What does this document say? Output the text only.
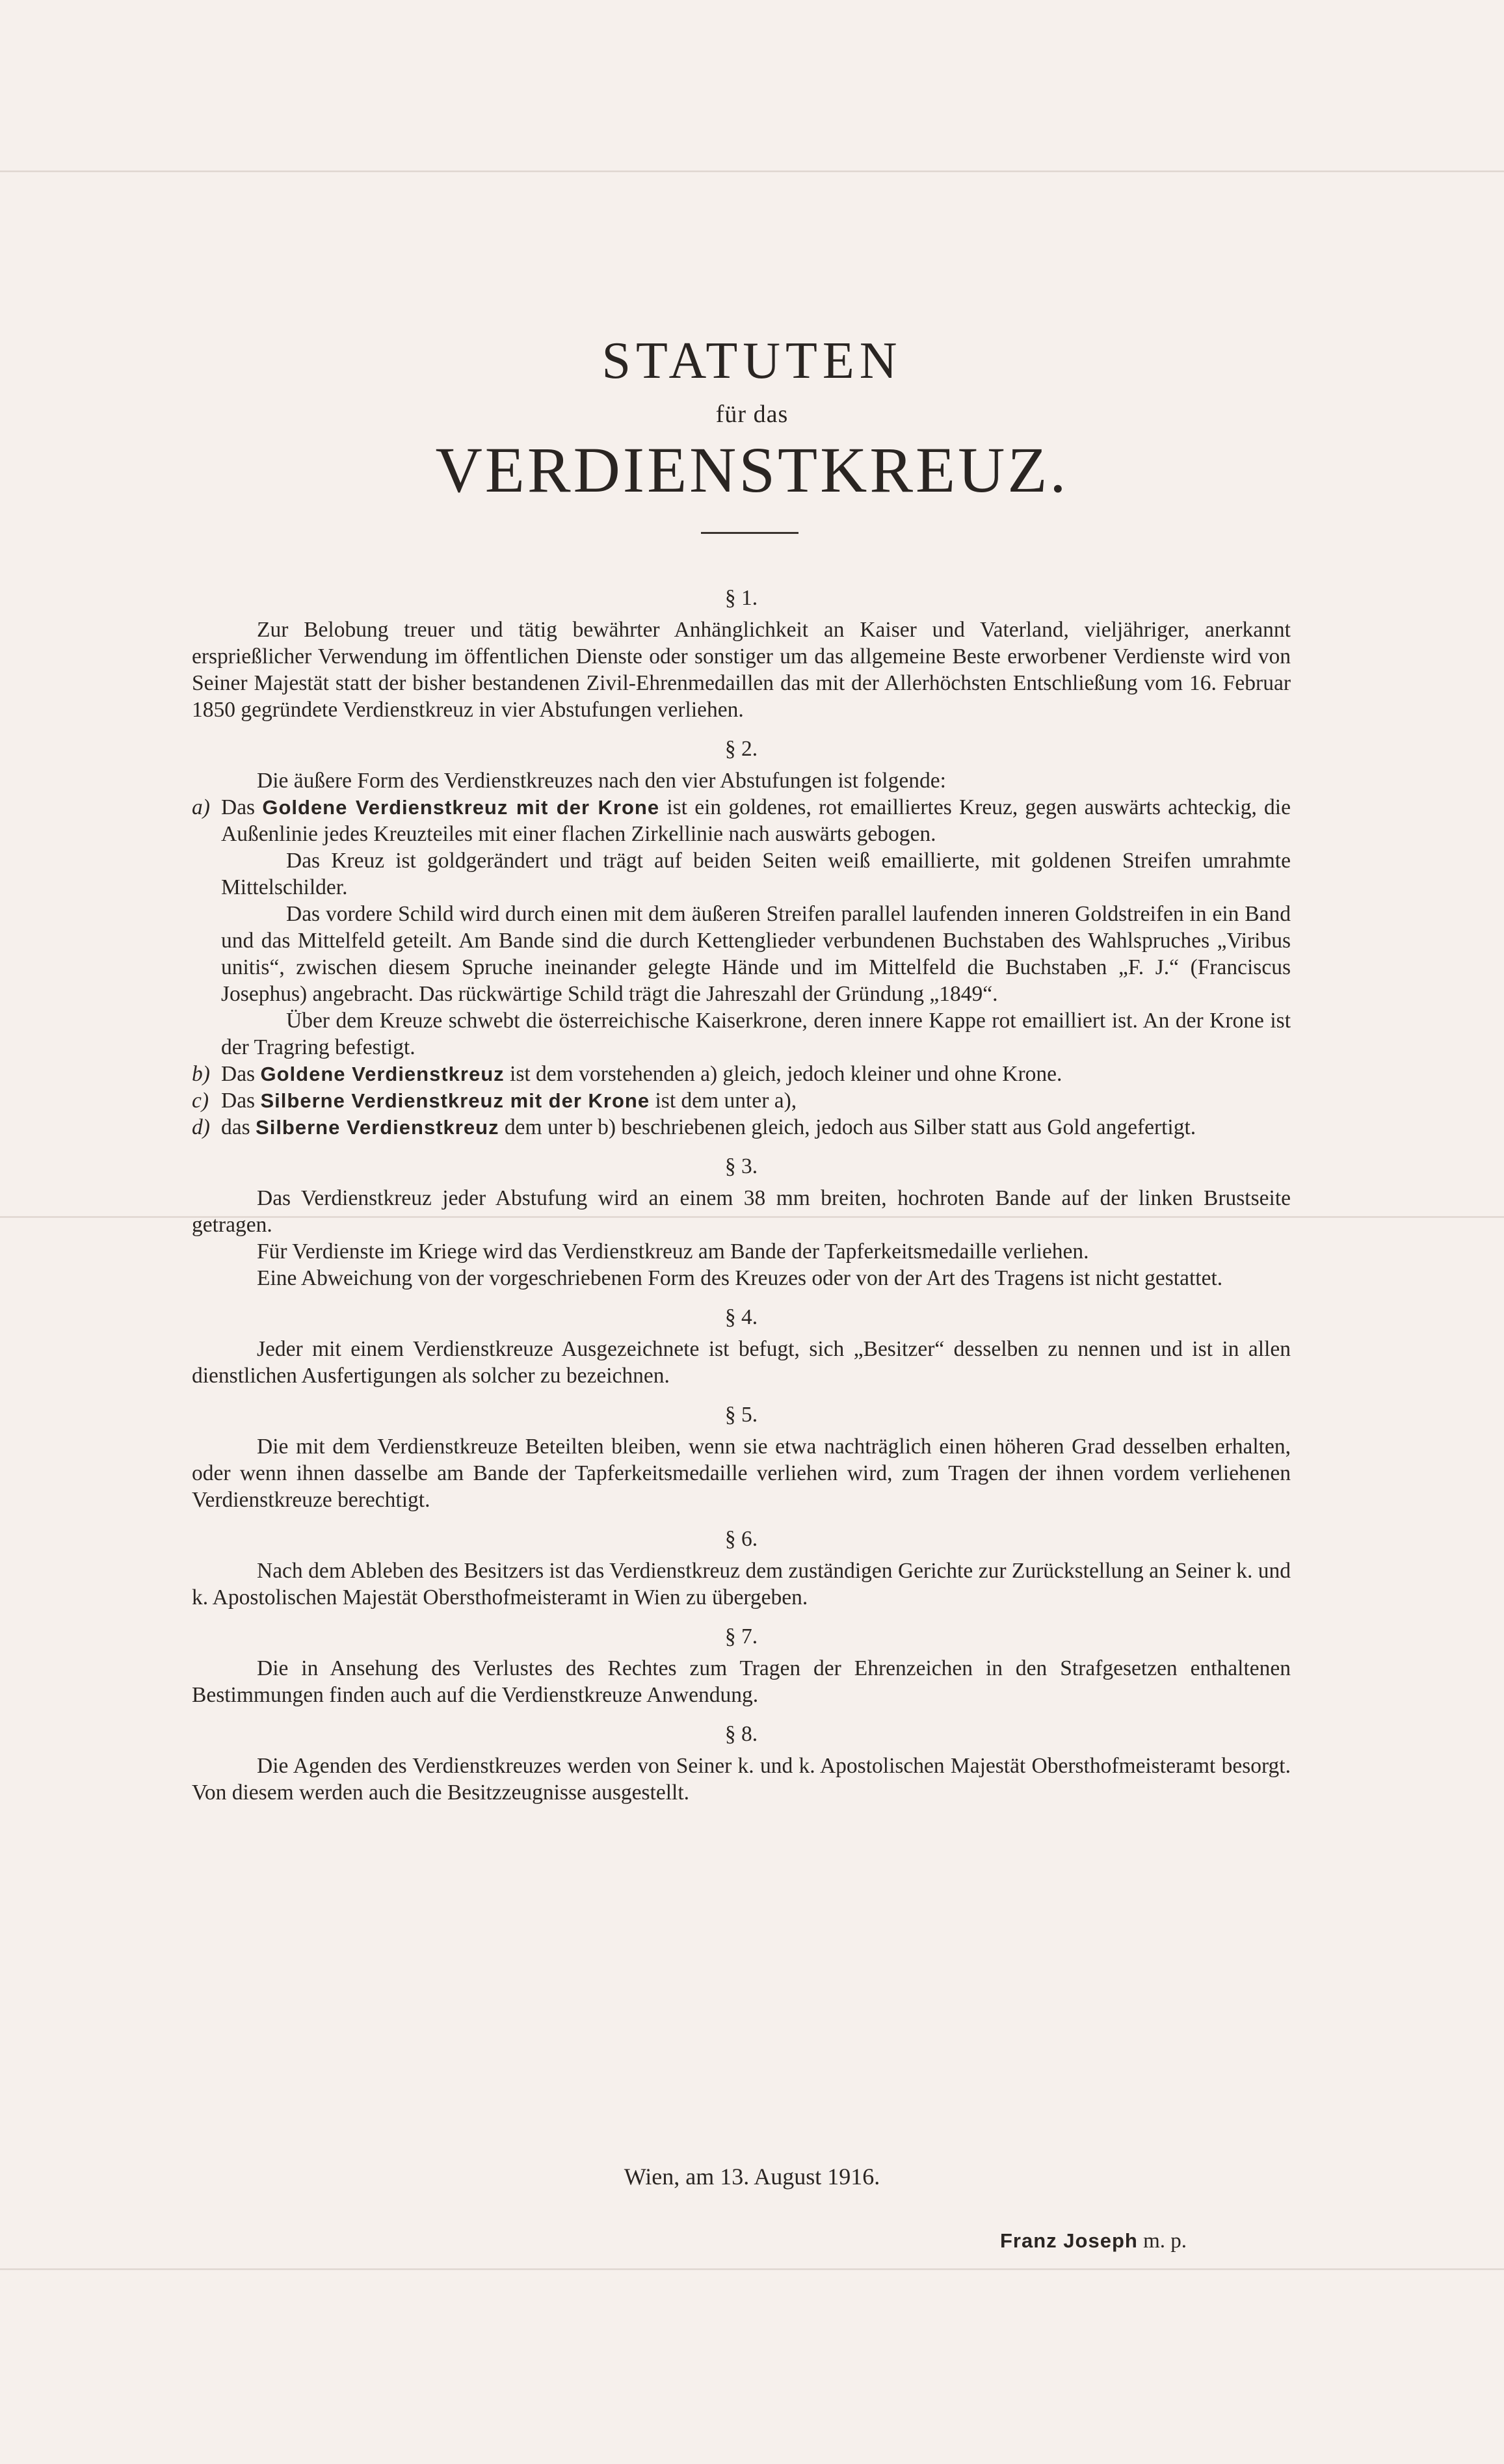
STATUTEN
für das
VERDIENSTKREUZ.
§ 1.

Zur Belobung treuer und tätig bewährter Anhänglichkeit an Kaiser und Vaterland, vieljähriger, anerkannt ersprießlicher Verwendung im öffentlichen Dienste oder sonstiger um das allgemeine Beste erworbener Verdienste wird von Seiner Majestät statt der bisher bestandenen Zivil-Ehrenmedaillen das mit der Allerhöchsten Entschließung vom 16. Februar 1850 gegründete Verdienstkreuz in vier Abstufungen verliehen.

§ 2.

Die äußere Form des Verdienstkreuzes nach den vier Abstufungen ist folgende:

a) Das Goldene Verdienstkreuz mit der Krone ist ein goldenes, rot emailliertes Kreuz, gegen auswärts achteckig, die Außenlinie jedes Kreuzteiles mit einer flachen Zirkellinie nach auswärts gebogen.

Das Kreuz ist goldgerändert und trägt auf beiden Seiten weiß emaillierte, mit goldenen Streifen umrahmte Mittelschilder.

Das vordere Schild wird durch einen mit dem äußeren Streifen parallel laufenden inneren Goldstreifen in ein Band und das Mittelfeld geteilt. Am Bande sind die durch Kettenglieder verbundenen Buchstaben des Wahlspruches „Viribus unitis“, zwischen diesem Spruche ineinander gelegte Hände und im Mittelfeld die Buchstaben „F. J.“ (Franciscus Josephus) angebracht. Das rückwärtige Schild trägt die Jahreszahl der Gründung „1849“.

Über dem Kreuze schwebt die österreichische Kaiserkrone, deren innere Kappe rot emailliert ist. An der Krone ist der Tragring befestigt.

b) Das Goldene Verdienstkreuz ist dem vorstehenden a) gleich, jedoch kleiner und ohne Krone.

c) Das Silberne Verdienstkreuz mit der Krone ist dem unter a),

d) das Silberne Verdienstkreuz dem unter b) beschriebenen gleich, jedoch aus Silber statt aus Gold angefertigt.

§ 3.

Das Verdienstkreuz jeder Abstufung wird an einem 38 mm breiten, hochroten Bande auf der linken Brustseite getragen.

Für Verdienste im Kriege wird das Verdienstkreuz am Bande der Tapferkeitsmedaille verliehen.

Eine Abweichung von der vorgeschriebenen Form des Kreuzes oder von der Art des Tragens ist nicht gestattet.

§ 4.

Jeder mit einem Verdienstkreuze Ausgezeichnete ist befugt, sich „Besitzer“ desselben zu nennen und ist in allen dienstlichen Ausfertigungen als solcher zu bezeichnen.

§ 5.

Die mit dem Verdienstkreuze Beteilten bleiben, wenn sie etwa nachträglich einen höheren Grad desselben erhalten, oder wenn ihnen dasselbe am Bande der Tapferkeitsmedaille verliehen wird, zum Tragen der ihnen vordem verliehenen Verdienstkreuze berechtigt.

§ 6.

Nach dem Ableben des Besitzers ist das Verdienstkreuz dem zuständigen Gerichte zur Zurückstellung an Seiner k. und k. Apostolischen Majestät Obersthofmeisteramt in Wien zu übergeben.

§ 7.

Die in Ansehung des Verlustes des Rechtes zum Tragen der Ehrenzeichen in den Strafgesetzen enthaltenen Bestimmungen finden auch auf die Verdienstkreuze Anwendung.

§ 8.

Die Agenden des Verdienstkreuzes werden von Seiner k. und k. Apostolischen Majestät Obersthofmeisteramt besorgt. Von diesem werden auch die Besitzzeugnisse ausgestellt.

Wien, am 13. August 1916.
Franz Joseph m. p.
